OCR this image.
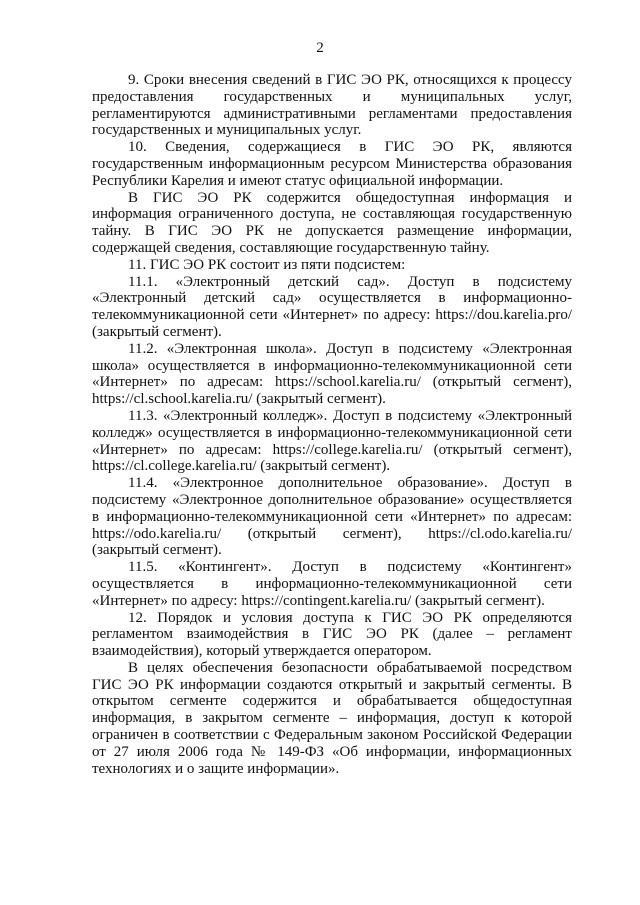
2

9. Сроки внесения сведений в ГИС ЭО РК, относящихся к процессу предоставления государственных и муниципальных услуг, регламентируются административными регламентами предоставления государственных и муниципальных услуг.

10. Сведения, содержащиеся в ГИС ЭО РК, являются государственным информационным ресурсом Министерства образования Республики Карелия и имеют статус официальной информации.

В ГИС ЭО РК содержится общедоступная информация и информация ограниченного доступа, не составляющая государственную тайну. В ГИС ЭО РК не допускается размещение информации, содержащей сведения, составляющие государственную тайну.

11. ГИС ЭО РК состоит из пяти подсистем:

11.1. «Электронный детский сад». Доступ в подсистему «Электронный детский сад» осуществляется в информационно-телекоммуникационной сети «Интернет» по адресу: https://dou.karelia.pro/ (закрытый сегмент).

11.2. «Электронная школа». Доступ в подсистему «Электронная школа» осуществляется в информационно-телекоммуникационной сети «Интернет» по адресам: https://school.karelia.ru/ (открытый сегмент), https://cl.school.karelia.ru/ (закрытый сегмент).

11.3. «Электронный колледж». Доступ в подсистему «Электронный колледж» осуществляется в информационно-телекоммуникационной сети «Интернет» по адресам: https://college.karelia.ru/ (открытый сегмент), https://cl.college.karelia.ru/ (закрытый сегмент).

11.4. «Электронное дополнительное образование». Доступ в подсистему «Электронное дополнительное образование» осуществляется в информационно-телекоммуникационной сети «Интернет» по адресам: https://odo.karelia.ru/ (открытый сегмент), https://cl.odo.karelia.ru/ (закрытый сегмент).

11.5. «Контингент». Доступ в подсистему «Контингент» осуществляется в информационно-телекоммуникационной сети «Интернет» по адресу: https://contingent.karelia.ru/ (закрытый сегмент).

12. Порядок и условия доступа к ГИС ЭО РК определяются регламентом взаимодействия в ГИС ЭО РК (далее – регламент взаимодействия), который утверждается оператором.

В целях обеспечения безопасности обрабатываемой посредством ГИС ЭО РК информации создаются открытый и закрытый сегменты. В открытом сегменте содержится и обрабатывается общедоступная информация, в закрытом сегменте – информация, доступ к которой ограничен в соответствии с Федеральным законом Российской Федерации от 27 июля 2006 года № 149-ФЗ «Об информации, информационных технологиях и о защите информации».
